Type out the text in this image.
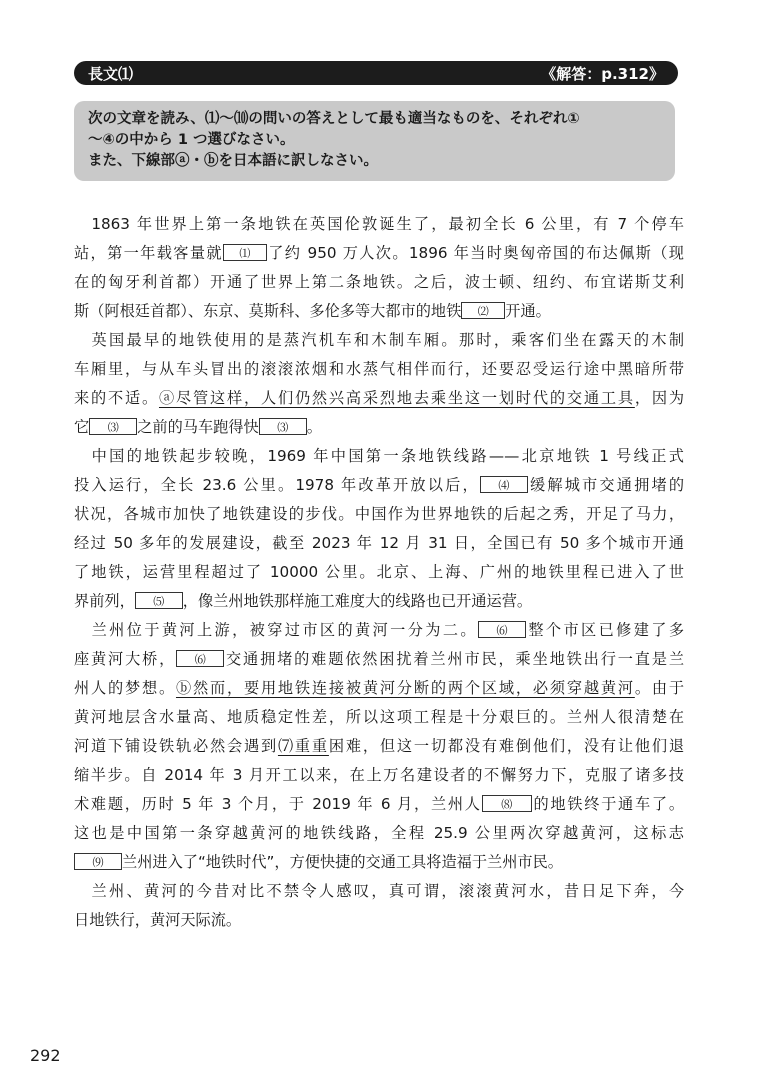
長文⑴	《解答：p.312》
次の文章を読み、⑴〜⑽の問いの答えとして最も適当なものを、それぞれ①
〜④の中から 1 つ選びなさい。
また、下線部ⓐ・ⓑを日本語に訳しなさい。
　1863 年世界上第一条地铁在英国伦敦诞生了，最初全长 6 公里，有 7 个停车
站，第一年载客量就 ⑴ 了约 950 万人次。1896 年当时奥匈帝国的布达佩斯（现
在的匈牙利首都）开通了世界上第二条地铁。之后，波士顿、纽约、布宜诺斯艾利
斯（阿根廷首都）、东京、莫斯科、多伦多等大都市的地铁 ⑵ 开通。
　英国最早的地铁使用的是蒸汽机车和木制车厢。那时，乘客们坐在露天的木制
车厢里，与从车头冒出的滚滚浓烟和水蒸气相伴而行，还要忍受运行途中黑暗所带
来的不适。ⓐ尽管这样，人们仍然兴高采烈地去乘坐这一划时代的交通工具，因为
它 ⑶ 之前的马车跑得快 ⑶ 。
　中国的地铁起步较晚，1969 年中国第一条地铁线路——北京地铁 1 号线正式
投入运行，全长 23.6 公里。1978 年改革开放以后， ⑷ 缓解城市交通拥堵的
状况，各城市加快了地铁建设的步伐。中国作为世界地铁的后起之秀，开足了马力，
经过 50 多年的发展建设，截至 2023 年 12 月 31 日，全国已有 50 多个城市开通
了地铁，运营里程超过了 10000 公里。北京、上海、广州的地铁里程已进入了世
界前列， ⑸ ，像兰州地铁那样施工难度大的线路也已开通运营。
　兰州位于黄河上游，被穿过市区的黄河一分为二。 ⑹ 整个市区已修建了多
座黄河大桥， ⑹ 交通拥堵的难题依然困扰着兰州市民，乘坐地铁出行一直是兰
州人的梦想。ⓑ然而，要用地铁连接被黄河分断的两个区域，必须穿越黄河。由于
黄河地层含水量高、地质稳定性差，所以这项工程是十分艰巨的。兰州人很清楚在
河道下铺设铁轨必然会遇到⑺重重困难，但这一切都没有难倒他们，没有让他们退
缩半步。自 2014 年 3 月开工以来，在上万名建设者的不懈努力下，克服了诸多技
术难题，历时 5 年 3 个月，于 2019 年 6 月，兰州人 ⑻ 的地铁终于通车了。
这也是中国第一条穿越黄河的地铁线路，全程 25.9 公里两次穿越黄河，这标志
⑼ 兰州进入了“地铁时代”，方便快捷的交通工具将造福于兰州市民。
　兰州、黄河的今昔对比不禁令人感叹，真可谓，滚滚黄河水，昔日足下奔，今
日地铁行，黄河天际流。
292
